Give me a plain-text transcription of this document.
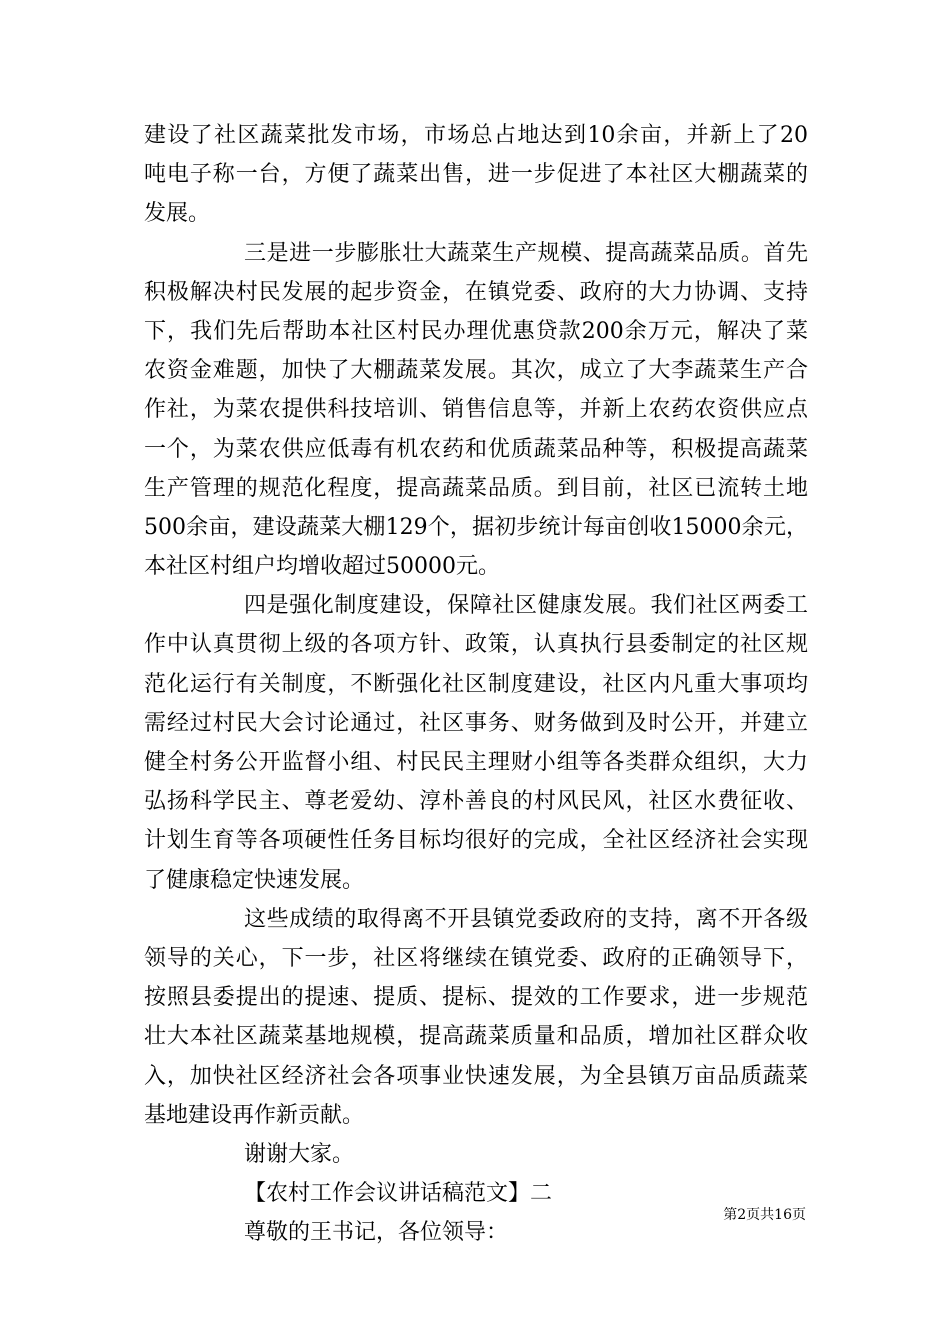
建设了社区蔬菜批发市场，市场总占地达到10余亩，并新上了20
吨电子称一台，方便了蔬菜出售，进一步促进了本社区大棚蔬菜的
发展。
三是进一步膨胀壮大蔬菜生产规模、提高蔬菜品质。首先
积极解决村民发展的起步资金，在镇党委、政府的大力协调、支持
下，我们先后帮助本社区村民办理优惠贷款200余万元，解决了菜
农资金难题，加快了大棚蔬菜发展。其次，成立了大李蔬菜生产合
作社，为菜农提供科技培训、销售信息等，并新上农药农资供应点
一个，为菜农供应低毒有机农药和优质蔬菜品种等，积极提高蔬菜
生产管理的规范化程度，提高蔬菜品质。到目前，社区已流转土地
500余亩，建设蔬菜大棚129个，据初步统计每亩创收15000余元，
本社区村组户均增收超过50000元。
四是强化制度建设，保障社区健康发展。我们社区两委工
作中认真贯彻上级的各项方针、政策，认真执行县委制定的社区规
范化运行有关制度，不断强化社区制度建设，社区内凡重大事项均
需经过村民大会讨论通过，社区事务、财务做到及时公开，并建立
健全村务公开监督小组、村民民主理财小组等各类群众组织，大力
弘扬科学民主、尊老爱幼、淳朴善良的村风民风，社区水费征收、
计划生育等各项硬性任务目标均很好的完成，全社区经济社会实现
了健康稳定快速发展。
这些成绩的取得离不开县镇党委政府的支持，离不开各级
领导的关心，下一步，社区将继续在镇党委、政府的正确领导下，
按照县委提出的提速、提质、提标、提效的工作要求，进一步规范
壮大本社区蔬菜基地规模，提高蔬菜质量和品质，增加社区群众收
入，加快社区经济社会各项事业快速发展，为全县镇万亩品质蔬菜
基地建设再作新贡献。
谢谢大家。
【农村工作会议讲话稿范文】二
尊敬的王书记，各位领导：
第2页共16页
